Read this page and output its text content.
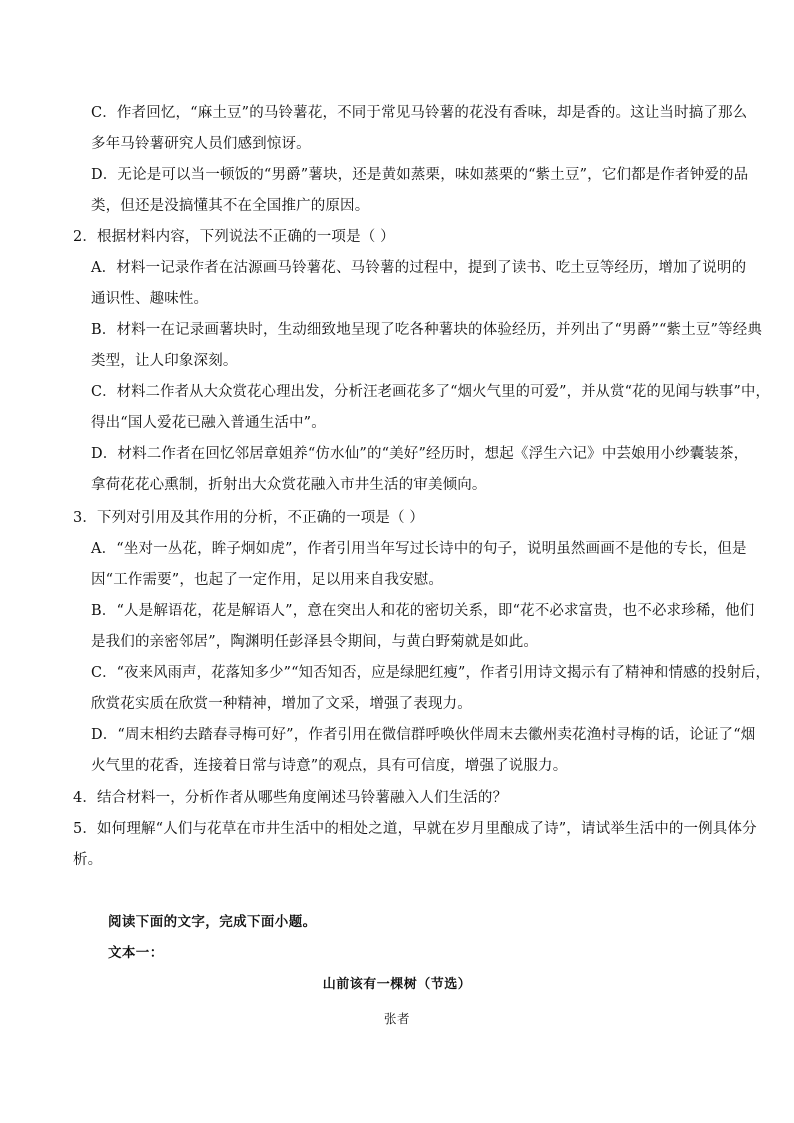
C．作者回忆，“麻土豆”的马铃薯花，不同于常见马铃薯的花没有香味，却是香的。这让当时搞了那么
多年马铃薯研究人员们感到惊讶。
D．无论是可以当一顿饭的“男爵”薯块，还是黄如蒸栗，味如蒸栗的“紫土豆”，它们都是作者钟爱的品
类，但还是没搞懂其不在全国推广的原因。
2．根据材料内容，下列说法不正确的一项是（ ）
A．材料一记录作者在沽源画马铃薯花、马铃薯的过程中，提到了读书、吃土豆等经历，增加了说明的
通识性、趣味性。
B．材料一在记录画薯块时，生动细致地呈现了吃各种薯块的体验经历，并列出了“男爵”“紫土豆”等经典
类型，让人印象深刻。
C．材料二作者从大众赏花心理出发，分析汪老画花多了“烟火气里的可爱”，并从赏“花的见闻与轶事”中，
得出“国人爱花已融入普通生活中”。
D．材料二作者在回忆邻居章姐养“仿水仙”的“美好”经历时，想起《浮生六记》中芸娘用小纱囊装茶，
拿荷花花心熏制，折射出大众赏花融入市井生活的审美倾向。
3．下列对引用及其作用的分析，不正确的一项是（ ）
A．“坐对一丛花，眸子炯如虎”，作者引用当年写过长诗中的句子，说明虽然画画不是他的专长，但是
因“工作需要”，也起了一定作用，足以用来自我安慰。
B．“人是解语花，花是解语人”，意在突出人和花的密切关系，即“花不必求富贵，也不必求珍稀，他们
是我们的亲密邻居”，陶渊明任彭泽县令期间，与黄白野菊就是如此。
C．“夜来风雨声，花落知多少”“知否知否，应是绿肥红瘦”，作者引用诗文揭示有了精神和情感的投射后，
欣赏花实质在欣赏一种精神，增加了文采，增强了表现力。
D．“周末相约去踏春寻梅可好”，作者引用在微信群呼唤伙伴周末去徽州卖花渔村寻梅的话，论证了“烟
火气里的花香，连接着日常与诗意”的观点，具有可信度，增强了说服力。
4．结合材料一，分析作者从哪些角度阐述马铃薯融入人们生活的？
5．如何理解“人们与花草在市井生活中的相处之道，早就在岁月里酿成了诗”，请试举生活中的一例具体分
析。
阅读下面的文字，完成下面小题。
文本一：
山前该有一棵树（节选）
张者
